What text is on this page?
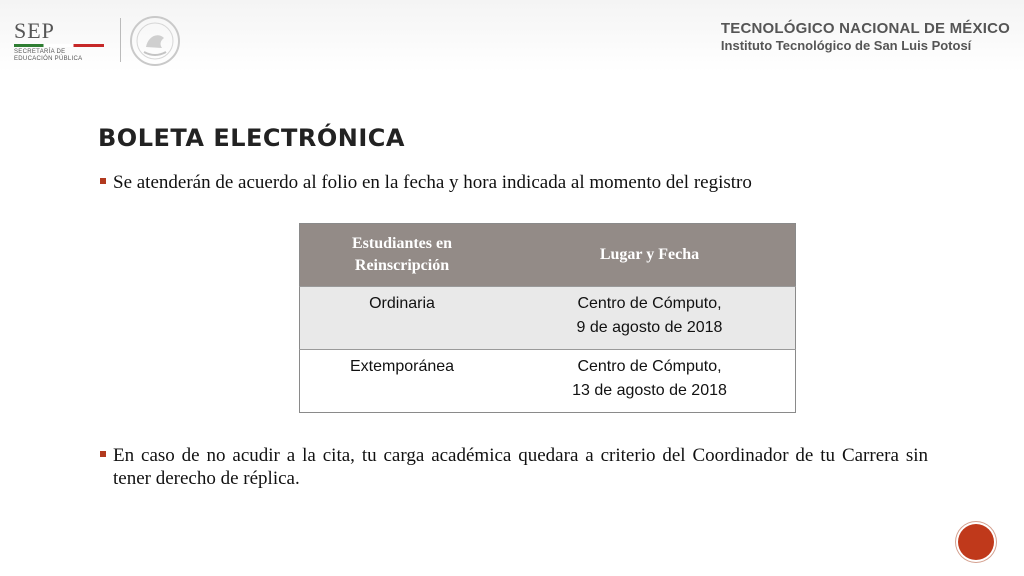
SEP
SECRETARÍA DE
EDUCACIÓN PÚBLICA
TECNOLÓGICO NACIONAL DE MÉXICO
Instituto Tecnológico de San Luis Potosí
BOLETA ELECTRÓNICA
Se atenderán de acuerdo al folio en la fecha y hora indicada al momento del registro
Estudiantes en Reinscripción	Lugar y Fecha
Ordinaria	Centro de Cómputo,
9 de agosto de 2018

Extemporánea	Centro de Cómputo,
13 de agosto de 2018
En caso de no acudir a la cita, tu carga académica quedara a criterio del Coordinador de tu Carrera sin tener derecho de réplica.
